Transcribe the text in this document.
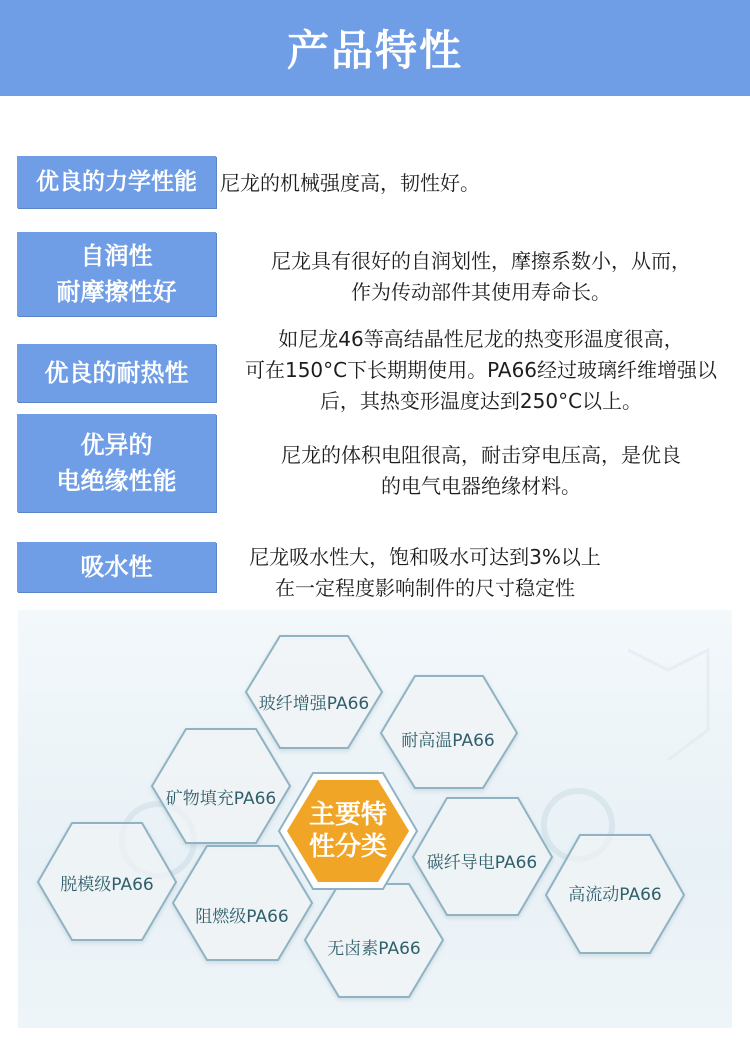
产品特性
优良的力学性能 尼龙的机械强度高，韧性好。
自润性
耐摩擦性好
尼龙具有很好的自润划性，摩擦系数小，从而，
作为传动部件其使用寿命长。
优良的耐热性
如尼龙46等高结晶性尼龙的热变形温度很高，
可在150°C下长期期使用。PA66经过玻璃纤维增强以
后，其热变形温度达到250°C以上。
优异的
电绝缘性能
尼龙的体积电阻很高，耐击穿电压高，是优良
的电气电器绝缘材料。
吸水性	尼龙吸水性大，饱和吸水可达到3%以上
在一定程度影响制件的尺寸稳定性
玻纤增强PA66
耐高温PA66
矿物填充PA66
碳纤导电PA66
脱模级PA66
阻燃级PA66
无卤素PA66
高流动PA66
主要特
性分类
